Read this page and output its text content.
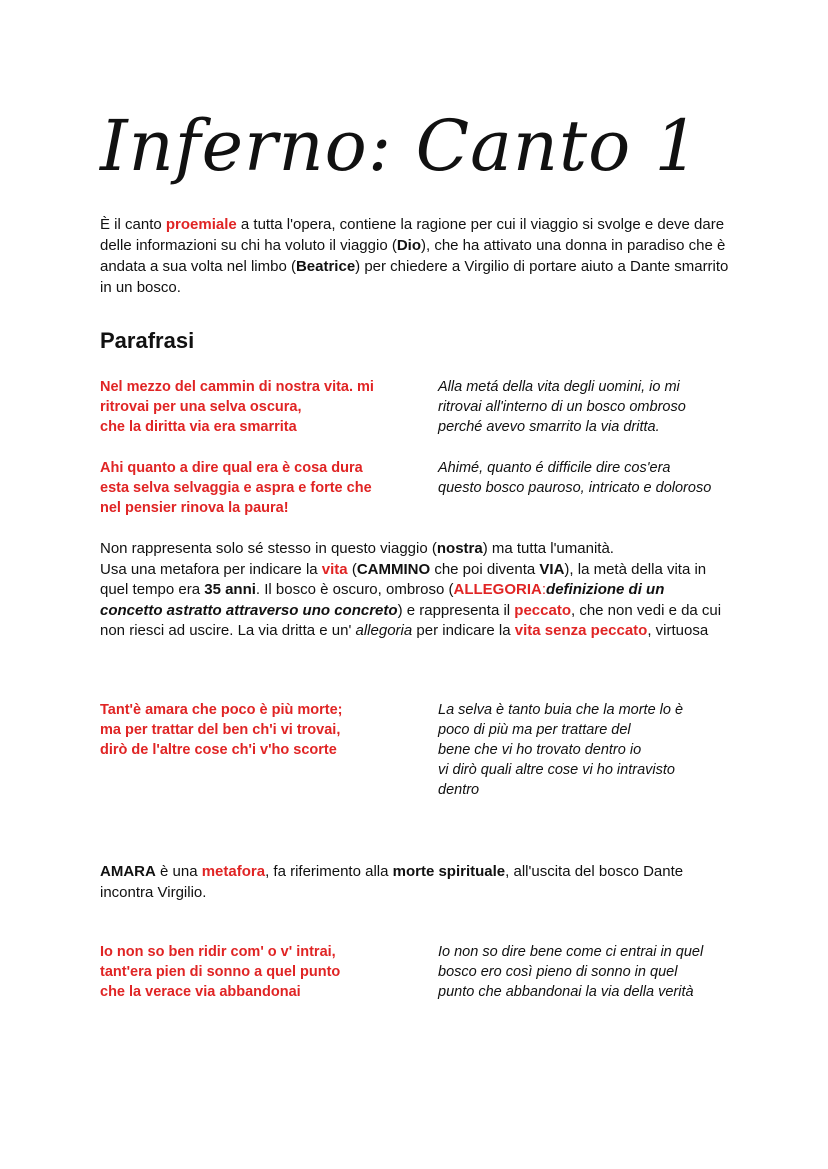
Inferno: Canto 1

È il canto proemiale a tutta l'opera, contiene la ragione per cui il viaggio si svolge e deve dare delle informazioni su chi ha voluto il viaggio (Dio), che ha attivato una donna in paradiso che è andata a sua volta nel limbo (Beatrice) per chiedere a Virgilio di portare aiuto a Dante smarrito in un bosco.

Parafrasi

Nel mezzo del cammin di nostra vita. mi
ritrovai per una selva oscura,
che la diritta via era smarrita

Alla metá della vita degli uomini, io mi
ritrovai all'interno di un bosco ombroso
perché avevo smarrito la via dritta.

Ahi quanto a dire qual era è cosa dura
esta selva selvaggia e aspra e forte che
nel pensier rinova la paura!

Ahimé, quanto é difficile dire cos'era
questo bosco pauroso, intricato e doloroso

Non rappresenta solo sé stesso in questo viaggio (nostra) ma tutta l'umanità.
Usa una metafora per indicare la vita (CAMMINO che poi diventa VIA), la metà della vita in quel tempo era 35 anni. Il bosco è oscuro, ombroso (ALLEGORIA:definizione di un concetto astratto attraverso uno concreto) e rappresenta il peccato, che non vedi e da cui non riesci ad uscire. La via dritta e un' allegoria per indicare la vita senza peccato, virtuosa

Tant'è amara che poco è più morte;
ma per trattar del ben ch'i vi trovai,
dirò de l'altre cose ch'i v'ho scorte

La selva è tanto buia che la morte lo è
poco di più ma per trattare del
bene che vi ho trovato dentro io
vi dirò quali altre cose vi ho intravisto
dentro

AMARA è una metafora, fa riferimento alla morte spirituale, all'uscita del bosco Dante incontra Virgilio.

Io non so ben ridir com' o v' intrai,
tant'era pien di sonno a quel punto
che la verace via abbandonai

Io non so dire bene come ci entrai in quel
bosco ero così pieno di sonno in quel
punto che abbandonai la via della verità
